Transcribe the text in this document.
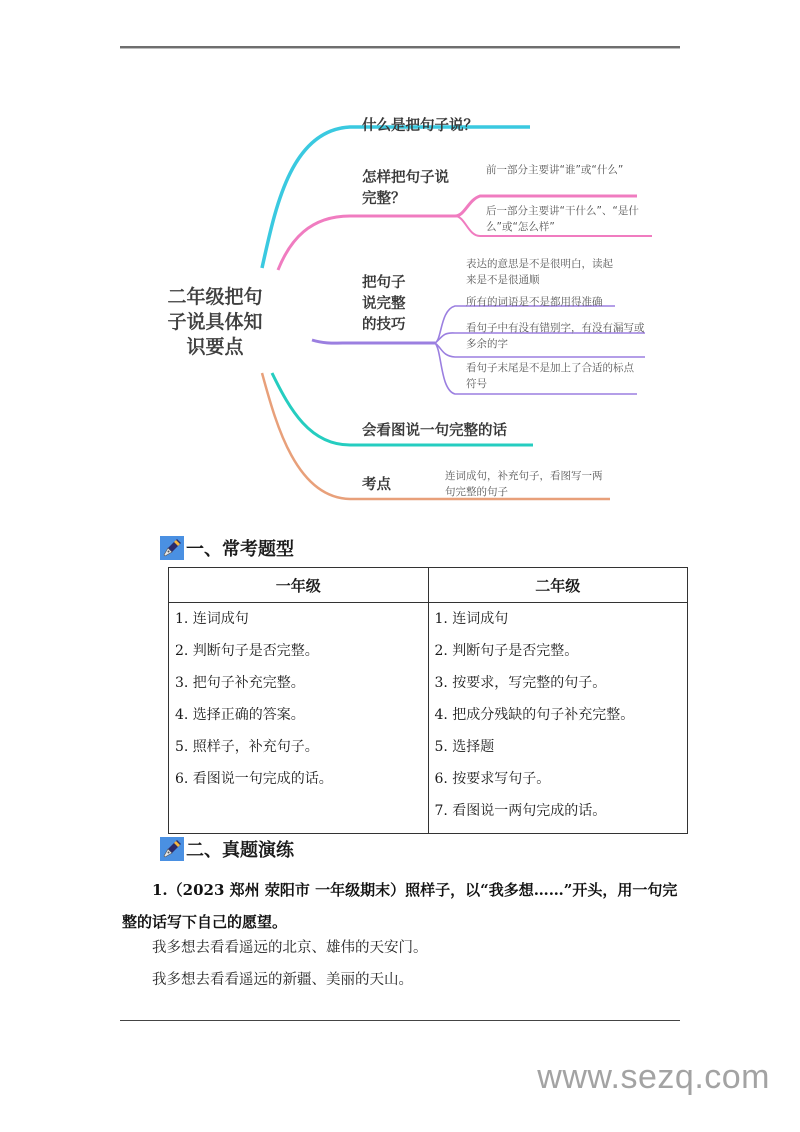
二年级把句子说具体知识要点
什么是把句子说？
怎样把句子说完整？
前一部分主要讲“谁”或“什么”
后一部分主要讲“干什么”、“是什么”或“怎么样”
把句子说完整的技巧
表达的意思是不是很明白，读起来是不是很通顺
所有的词语是不是都用得准确
看句子中有没有错别字，有没有漏写或多余的字
看句子末尾是不是加上了合适的标点符号
会看图说一句完整的话
考点
连词成句，补充句子，看图写一两句完整的句子
一、常考题型
一年级	二年级

1. 连词成句
2. 判断句子是否完整。
3. 把句子补充完整。
4. 选择正确的答案。
5. 照样子，补充句子。
6. 看图说一句完成的话。

1. 连词成句
2. 判断句子是否完整。
3. 按要求，写完整的句子。
4. 把成分残缺的句子补充完整。
5. 选择题
6. 按要求写句子。
7. 看图说一两句完成的话。
二、真题演练
1.（2023 郑州 荥阳市 一年级期末）照样子，以“我多想……”开头，用一句完整的话写下自己的愿望。
我多想去看看遥远的北京、雄伟的天安门。
我多想去看看遥远的新疆、美丽的天山。
www.sezq.com
